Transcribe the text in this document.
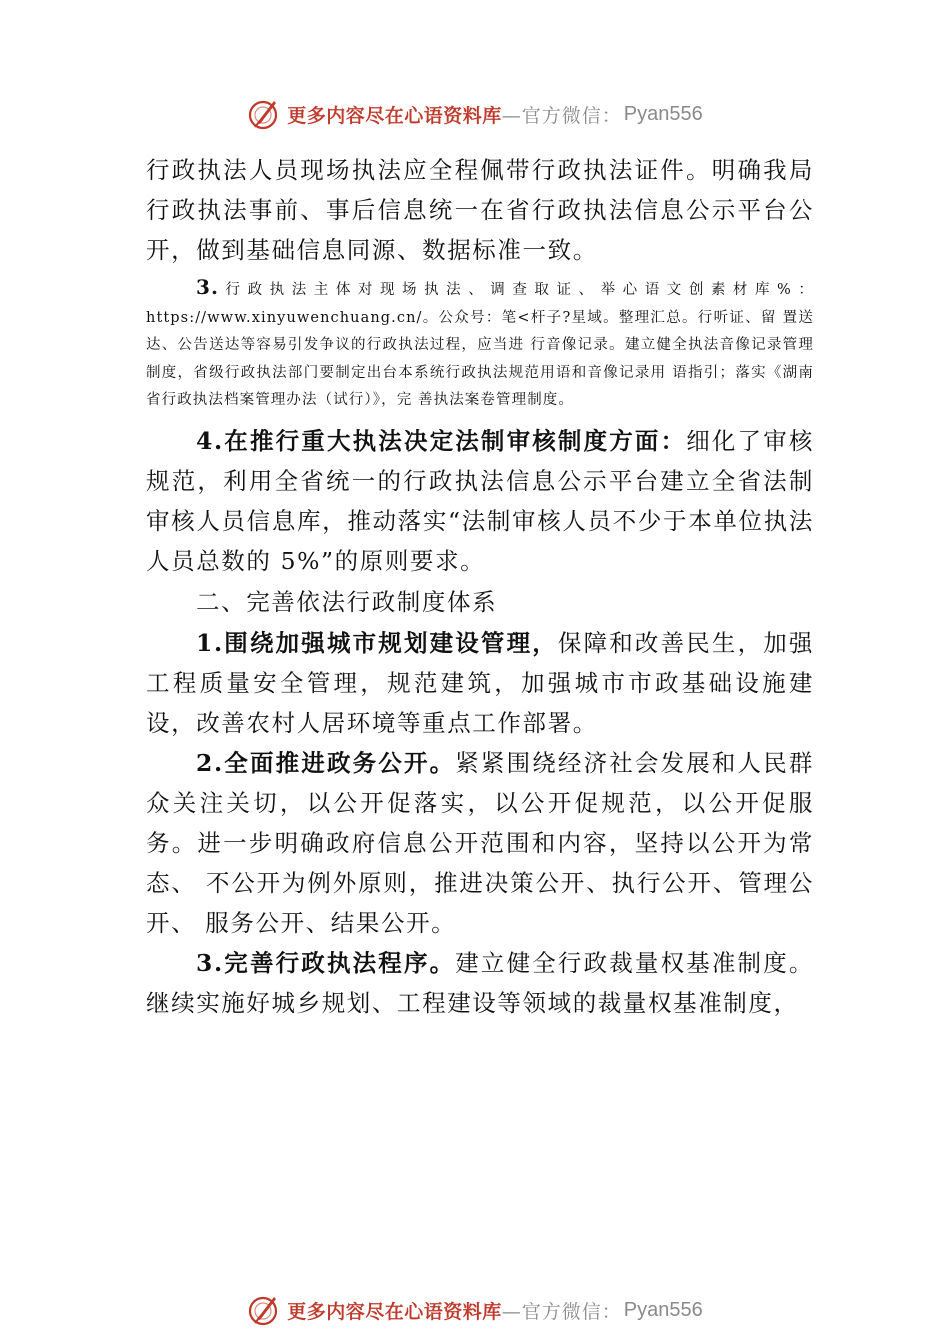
更多内容尽在心语资料库 —官方微信： Pyan556

行政执法人员现场执法应全程佩带行政执法证件。明确我局行政执法事前、事后信息统一在省行政执法信息公示平台公开，做到基础信息同源、数据标准一致。

3.行政执法主体对现场执法、调查取证、举心语文创素材库%：https://www.xinyuwenchuang.cn/。公众号：笔<杆子?星域。整理汇总。行听证、留 置送达、公告送达等容易引发争议的行政执法过程，应当进 行音像记录。建立健全执法音像记录管理制度，省级行政执法部门要制定出台本系统行政执法规范用语和音像记录用 语指引；落实《湖南省行政执法档案管理办法（试行）》，完 善执法案卷管理制度。

4.在推行重大执法决定法制审核制度方面：细化了审核规范，利用全省统一的行政执法信息公示平台建立全省法制审核人员信息库，推动落实“法制审核人员不少于本单位执法人员总数的 5%”的原则要求。

二、完善依法行政制度体系

1.围绕加强城市规划建设管理，保障和改善民生，加强工程质量安全管理，规范建筑，加强城市市政基础设施建设，改善农村人居环境等重点工作部署。

2.全面推进政务公开。紧紧围绕经济社会发展和人民群众关注关切，以公开促落实，以公开促规范，以公开促服务。进一步明确政府信息公开范围和内容，坚持以公开为常态、 不公开为例外原则，推进决策公开、执行公开、管理公开、 服务公开、结果公开。

3.完善行政执法程序。建立健全行政裁量权基准制度。继续实施好城乡规划、工程建设等领域的裁量权基准制度，

更多内容尽在心语资料库 —官方微信： Pyan556
